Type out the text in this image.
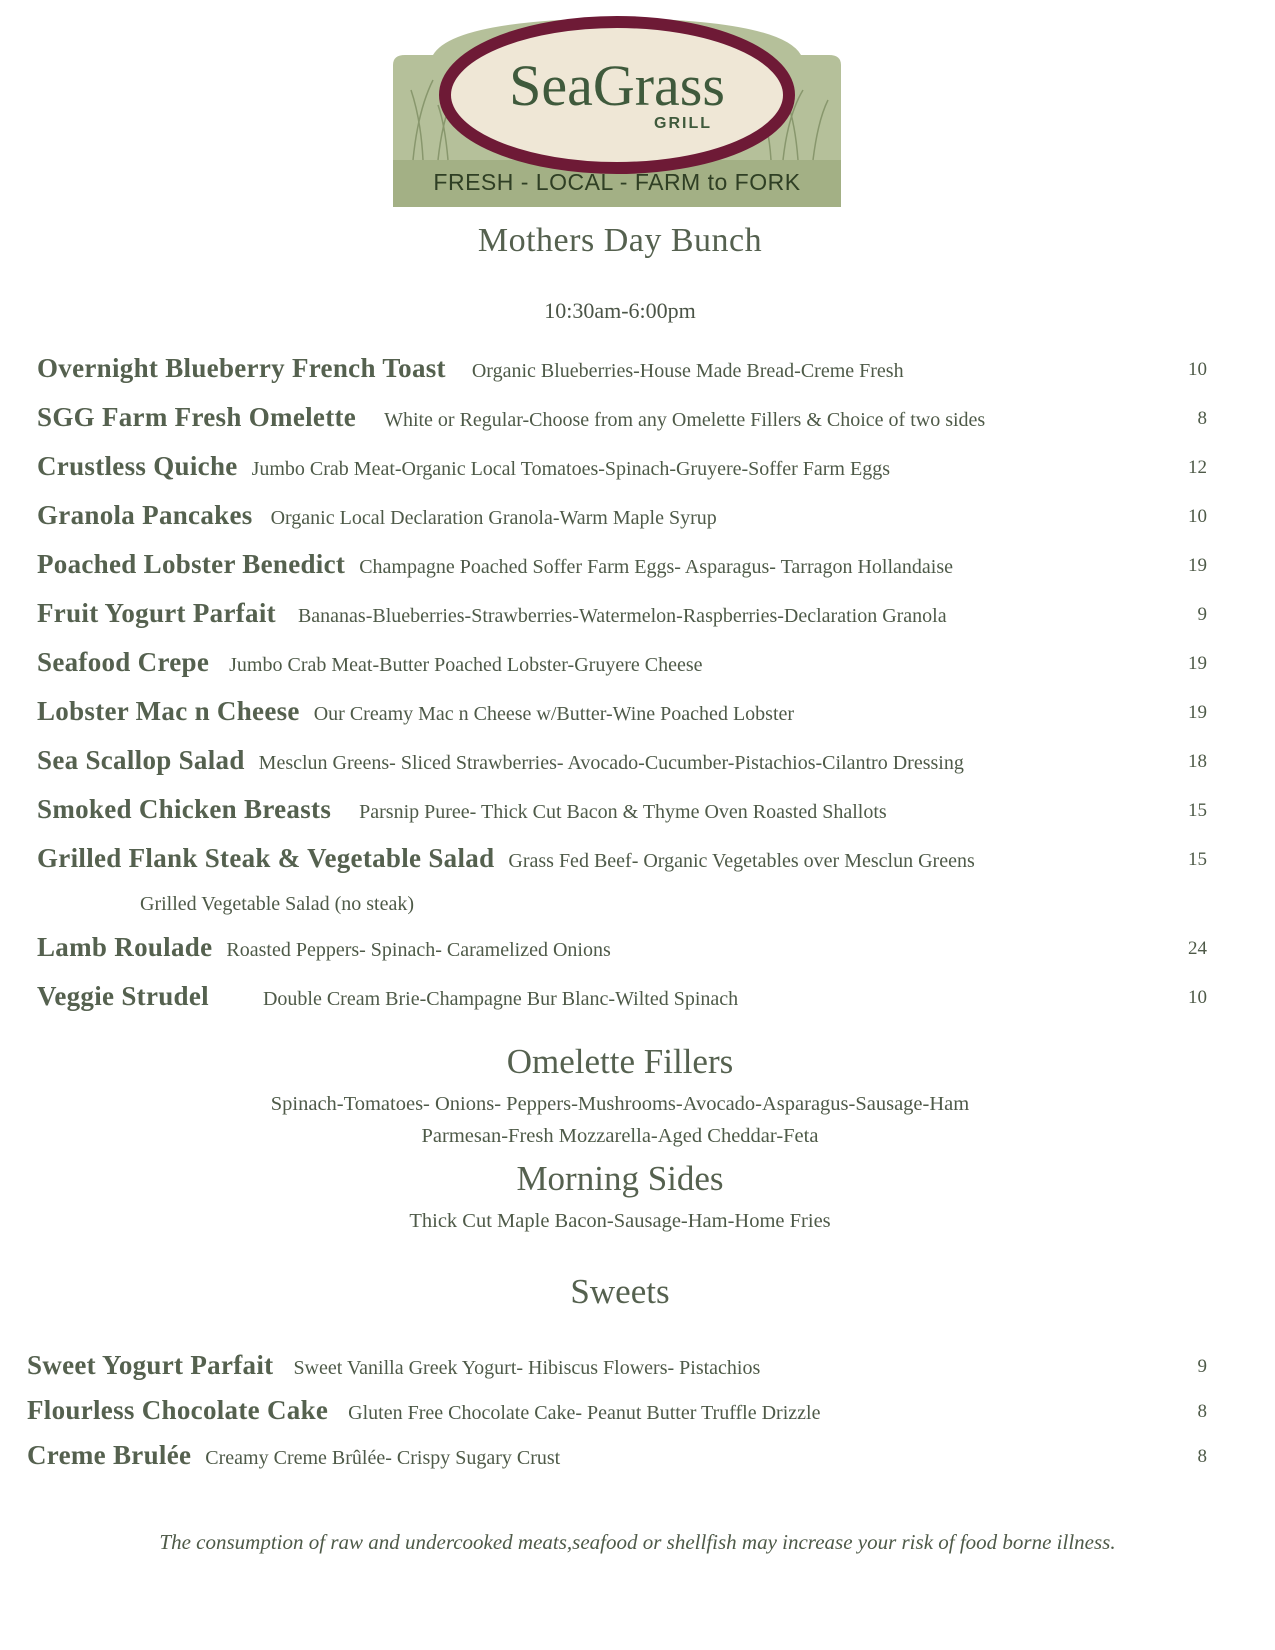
SeaGrass
GRILL
FRESH - LOCAL - FARM to FORK
Mothers Day Bunch
10:30am-6:00pm
Overnight Blueberry French Toast Organic Blueberries-House Made Bread-Creme Fresh	10
SGG Farm Fresh Omelette White or Regular-Choose from any Omelette Fillers & Choice of two sides	8
Crustless Quiche Jumbo Crab Meat-Organic Local Tomatoes-Spinach-Gruyere-Soffer Farm Eggs	12
Granola Pancakes Organic Local Declaration Granola-Warm Maple Syrup	10
Poached Lobster Benedict Champagne Poached Soffer Farm Eggs- Asparagus- Tarragon Hollandaise	19
Fruit Yogurt Parfait Bananas-Blueberries-Strawberries-Watermelon-Raspberries-Declaration Granola	9
Seafood Crepe Jumbo Crab Meat-Butter Poached Lobster-Gruyere Cheese	19
Lobster Mac n Cheese Our Creamy Mac n Cheese w/Butter-Wine Poached Lobster	19
Sea Scallop Salad Mesclun Greens- Sliced Strawberries- Avocado-Cucumber-Pistachios-Cilantro Dressing	18
Smoked Chicken Breasts Parsnip Puree- Thick Cut Bacon & Thyme Oven Roasted Shallots	15
Grilled Flank Steak & Vegetable Salad Grass Fed Beef- Organic Vegetables over Mesclun Greens	15
Grilled Vegetable Salad (no steak)
Lamb Roulade Roasted Peppers- Spinach- Caramelized Onions	24
Veggie Strudel	Double Cream Brie-Champagne Bur Blanc-Wilted Spinach	10
Omelette Fillers
Spinach-Tomatoes- Onions- Peppers-Mushrooms-Avocado-Asparagus-Sausage-Ham
Parmesan-Fresh Mozzarella-Aged Cheddar-Feta
Morning Sides
Thick Cut Maple Bacon-Sausage-Ham-Home Fries
Sweets
Sweet Yogurt Parfait Sweet Vanilla Greek Yogurt- Hibiscus Flowers- Pistachios	9
Flourless Chocolate Cake Gluten Free Chocolate Cake- Peanut Butter Truffle Drizzle	8
Creme Brulée Creamy Creme Brûlée- Crispy Sugary Crust	8
The consumption of raw and undercooked meats,seafood or shellfish may increase your risk of food borne illness.
